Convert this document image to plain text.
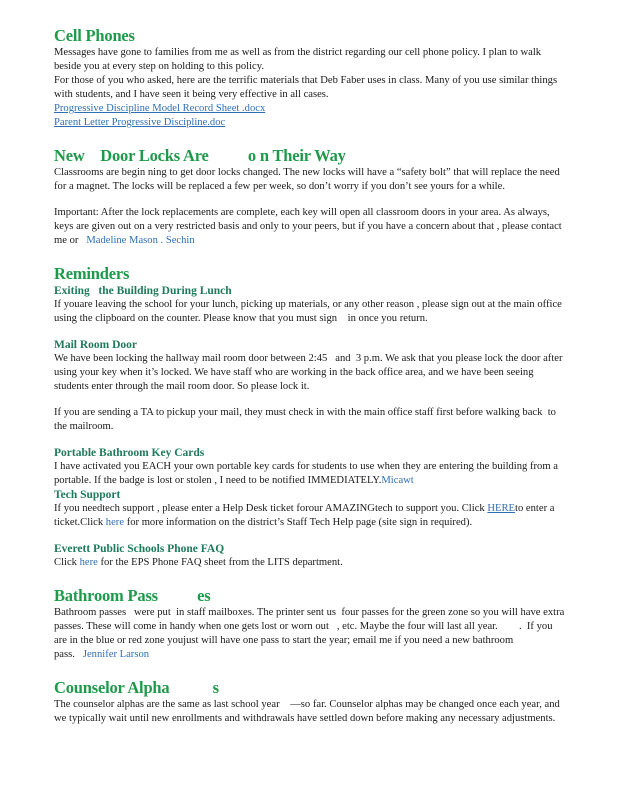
Cell Phones

Messages have gone to families from me as well as from the district regarding our cell phone policy. I plan to walk beside you at every step on holding to this policy.

For those of you who asked, here are the terrific materials that Deb Faber uses in class. Many of you use similar things with students, and I have seen it being very effective in all cases.

Progressive Discipline Model Record Sheet .docx

Parent Letter Progressive Discipline.doc

New    Door Locks Are          o n Their Way

Classrooms are begin ning to get door locks changed. The new locks will have a “safety bolt” that will replace the need for a magnet. The locks will be replaced a few per week, so don’t worry if you don’t see yours for a while.

Important: After the lock replacements are complete, each key will open all classroom doors in your area. As always, keys are given out on a very restricted basis and only to your peers, but if you have a concern about that , please contact me or Madeline Mason . Sechin

Reminders
Exiting   the Building During Lunch

If youare leaving the school for your lunch, picking up materials, or any other reason , please sign out at the main office using the clipboard on the counter. Please know that you must sign    in once you return.

Mail Room Door

We have been locking the hallway mail room door between 2:45   and  3 p.m. We ask that you please lock the door after using your key when it’s locked. We have staff who are working in the back office area, and we have been seeing students enter through the mail room door. So please lock it.

If you are sending a TA to pickup your mail, they must check in with the main office staff first before walking back  to the mailroom.

Portable Bathroom Key Cards

I have activated you EACH your own portable key cards for students to use when they are entering the building from a portable. If the badge is lost or stolen , I need to be notified IMMEDIATELY.Micawt

Tech Support

If you needtech support , please enter a Help Desk ticket forour AMAZINGtech to support you. Click HEREto enter a ticket.Click here for more information on the district’s Staff Tech Help page (site sign in required).

Everett Public Schools Phone FAQ

Click here for the EPS Phone FAQ sheet from the LITS department.

Bathroom Pass          es

Bathroom passes   were put  in staff mailboxes. The printer sent us  four passes for the green zone so you will have extra passes. These will come in handy when one gets lost or worn out   , etc. Maybe the four will last all year.        .  If you are in the blue or red zone youjust will have one pass to start the year; email me if you need a new bathroom pass. Jennifer Larson

Counselor Alpha           s

The counselor alphas are the same as last school year    —so far. Counselor alphas may be changed once each year, and we typically wait until new enrollments and withdrawals have settled down before making any necessary adjustments.
